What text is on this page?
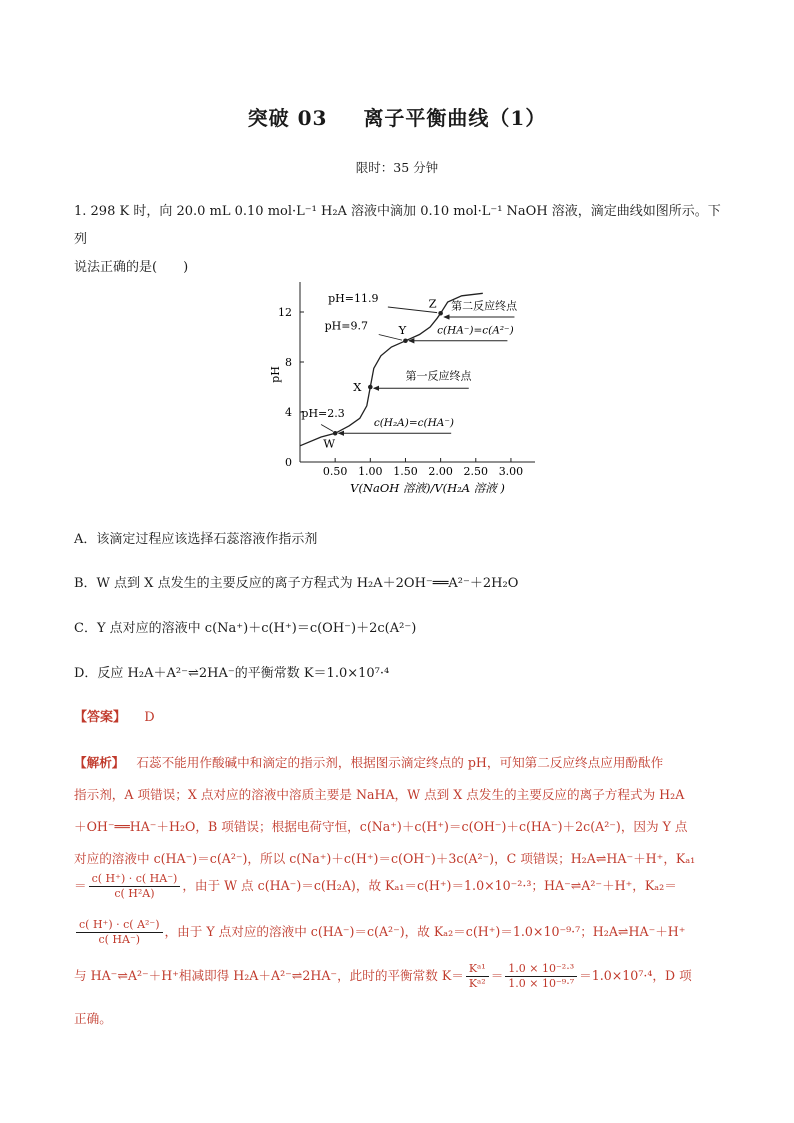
突破 03 离子平衡曲线（1）
限时：35 分钟
1. 298 K 时，向 20.0 mL 0.10 mol·L⁻¹ H₂A 溶液中滴加 0.10 mol·L⁻¹ NaOH 溶液，滴定曲线如图所示。下列
说法正确的是(　　)
0.50 1.00 1.50 2.00 2.50 3.00
0
4
8
12
pH
V(NaOH 溶液)/V(H₂A 溶液 )
W
X
Y
Z
pH=11.9
第二反应终点
pH=9.7	c(HA⁻)=c(A²⁻)
第一反应终点
pH=2.3
c(H₂A)=c(HA⁻)
A．该滴定过程应该选择石蕊溶液作指示剂
B．W 点到 X 点发生的主要反应的离子方程式为 H₂A＋2OH⁻══A²⁻＋2H₂O
C．Y 点对应的溶液中 c(Na⁺)＋c(H⁺)＝c(OH⁻)＋2c(A²⁻)
D．反应 H₂A＋A²⁻⇌2HA⁻的平衡常数 K＝1.0×10⁷·⁴
【答案】 D
【解析】 石蕊不能用作酸碱中和滴定的指示剂，根据图示滴定终点的 pH，可知第二反应终点应用酚酞作
指示剂，A 项错误；X 点对应的溶液中溶质主要是 NaHA，W 点到 X 点发生的主要反应的离子方程式为 H₂A
＋OH⁻══HA⁻＋H₂O，B 项错误；根据电荷守恒，c(Na⁺)＋c(H⁺)＝c(OH⁻)＋c(HA⁻)＋2c(A²⁻)，因为 Y 点
对应的溶液中 c(HA⁻)＝c(A²⁻)，所以 c(Na⁺)＋c(H⁺)＝c(OH⁻)＋3c(A²⁻)，C 项错误；H₂A⇌HA⁻＋H⁺，Kₐ₁
＝ $\frac{c( H^+) \cdot c( HA^-)}{\text{c( H²A)}}$ ，由于 W 点 c(HA⁻)＝c(H₂A)，故 Kₐ₁＝c(H⁺)＝1.0×10⁻²·³；HA⁻⇌A²⁻＋H⁺，Kₐ₂＝
$\frac{\text{c( H⁺) · c( A²⁻)}}{c( HA^-)}$ ，由于 Y 点对应的溶液中 c(HA⁻)＝c(A²⁻)，故 Kₐ₂＝c(H⁺)＝1.0×10⁻⁹·⁷；H₂A⇌HA⁻＋H⁺
与 HA⁻⇌A²⁻＋H⁺相减即得 H₂A＋A²⁻⇌2HA⁻，此时的平衡常数 $K= \frac{\text{Kᵃ¹}}{\text{Kᵃ²}} = \frac{\text{1.0 × 10⁻²·³}}{\text{1.0 × 10⁻⁹·⁷}} =1.0\times 10^7\cdot^4$，D 项
正确。
